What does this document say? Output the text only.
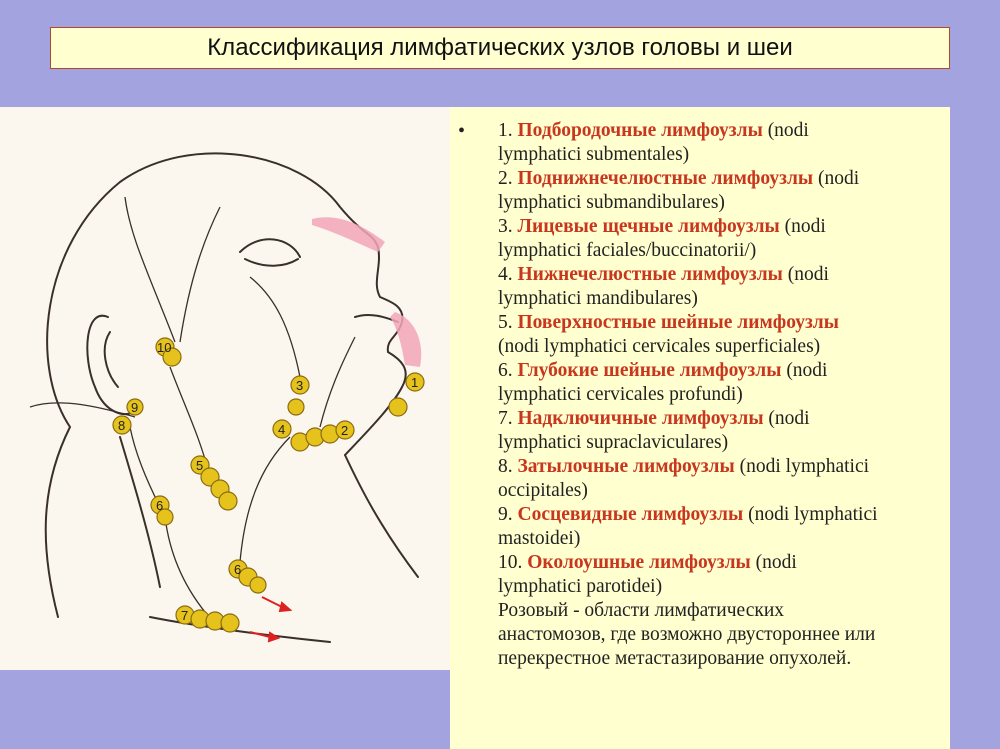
Классификация лимфатических узлов головы и шеи
1
2
3
4
5
6
6
7
8
9
10
•	1. Подбородочные лимфоузлы (nodi
lymphatici submentales)
2. Поднижнечелюстные лимфоузлы (nodi
lymphatici submandibulares)
3. Лицевые щечные лимфоузлы (nodi
lymphatici faciales/buccinatorii/)
4. Нижнечелюстные лимфоузлы (nodi
lymphatici mandibulares)
5. Поверхностные шейные лимфоузлы
(nodi lymphatici cervicales superficiales)
6. Глубокие шейные лимфоузлы (nodi
lymphatici cervicales profundi)
7. Надключичные лимфоузлы (nodi
lymphatici supraclaviculares)
8. Затылочные лимфоузлы (nodi lymphatici
occipitales)
9. Сосцевидные лимфоузлы (nodi lymphatici
mastoidei)
10. Околоушные лимфоузлы (nodi
lymphatici parotidei)
Розовый - области лимфатических
анастомозов, где возможно двустороннее или
перекрестное метастазирование опухолей.
